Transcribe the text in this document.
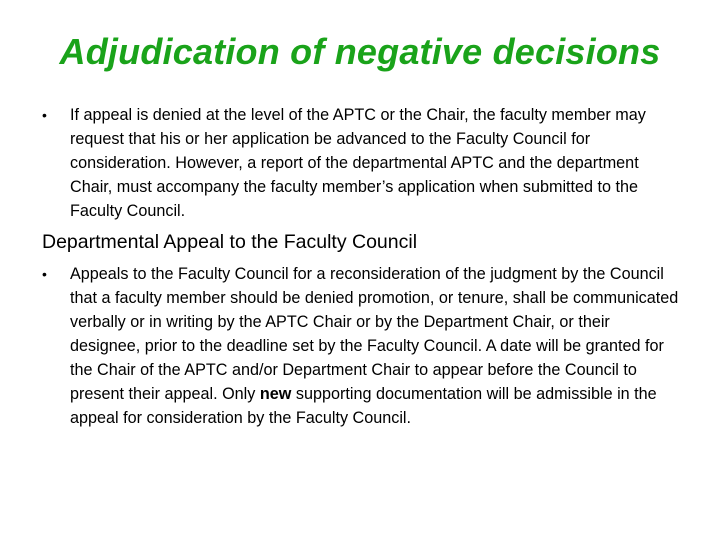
Adjudication of negative decisions
•	If appeal is denied at the level of the APTC or the Chair, the faculty member may request that his or her application be advanced to the Faculty Council for consideration. However, a report of the departmental APTC and the department Chair, must accompany the faculty member’s application when submitted to the Faculty Council.
Departmental Appeal to the Faculty Council
•	Appeals to the Faculty Council for a reconsideration of the judgment by the Council that a faculty member should be denied promotion, or tenure, shall be communicated verbally or in writing by the APTC Chair or by the Department Chair, or their designee, prior to the deadline set by the Faculty Council. A date will be granted for the Chair of the APTC and/or Department Chair to appear before the Council to present their appeal. Only new supporting documentation will be admissible in the appeal for consideration by the Faculty Council.
